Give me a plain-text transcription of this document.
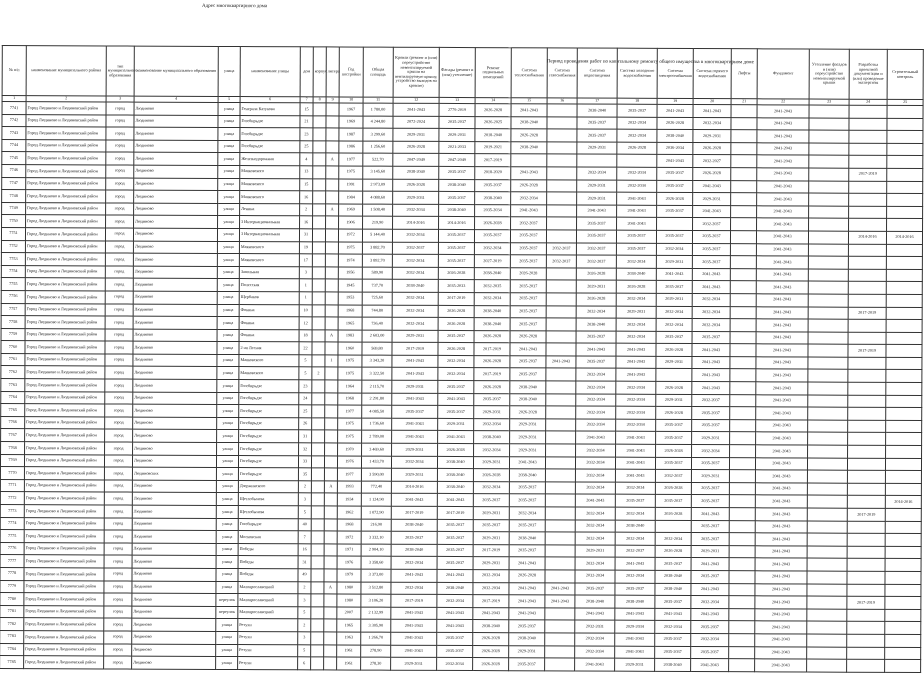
Адрес многоквартирного дома
Период проведения работ по капитальному ремонту общего имущества в многоквартирном доме
№ п/п	наименование муниципального района	тип муниципального образования	наименование муниципального образования	улица	наименование улицы	дом	корпус	литера	Год постройки	Общая площадь	Кровли (ремонт и (или) переустройство невентилируемой крыши на вентилируемую крышу, устройство выходов на кровлю)	Фасады (ремонт и (или) утепление)	Ремонт подвальных помещений	Система теплоснабжения	Система газоснабжения	Система водоотведения	Система холодного водоснабжения	Система электроснабжения	Система горячего водоснабжения	Лифты	Фундамент	Утепление фасадов и (или) переустройство невентилируемой крыши	Разработка проектной документации и (или) проведение экспертизы	Строительный контроль
1	2	3	4	5	6	7	8	9	10	11	12	13	14	15	16	17	18	19	20	21	22	23	24	25
7741	Город Людиново и Людиновский район	город	Людиново	улица	Генерала Катукова	15			1967	1 780,00	2041-2043	2779-2019	2026-2028	2041-2043		2038-2040	2035-2037	2041-2043	2041-2043		2041-2043			
7742	Город Людиново и Людиновский район	город	Людиново	улица	Гогебирьдзе	21			1969	4 244,80	2072-2024	2035-2037	2026-2025	2038-2040		2035-2037	2032-2034	2026-2028	2032-2034		2041-2043			
7743	Город Людиново и Людиновский район	город	Людиново	улица	Гогебирьдзе	23			1987	3 299,60	2029-2031	2029-2031	2018-2040	2026-2028		2035-2037	2032-2034	2038-2040	2029-2031		2041-2043			
7744	Город Людиново и Людиновский район	город	Людиново	улица	Гогебирьдзе	25			1986	1 256,60	2026-2028	2021-2033	2019-2021	2038-2040		2029-2031	2026-2028	2036-2034	2026-2028		2041-2043			
7745	Город Людиново и Людиновский район	город	Людиново	улица	Железнодорожная	4		А	1977	522,70	2047-2049	2047-2049	2017-2019					2041-2043	2032-2027		2041-2043			
7746	Город Людиново и Людиновский район	город	Людиново	улица	Маяковского	13			1975	3 145,60	2038-2040	2035-2037	2018-2020	2041-2043		2032-2034	2032-2034	2035-2037	2026-2028		2041-2043		2017-2019	
7747	Город Людиново и Людиновский район	город	Людиново	улица	Маяковского	15			1991	2 973,09	2026-2028	2038-2040	2035-2037	2026-2028		2029-2031	2032-2034	2035-2037	2041-2043		2041-2043			
7748	Город Людиново и Людиновский район	город	Людиново	улица	Маяковского	16			1984	4 088,60	2029-2031	2035-2037	2038-2040	2032-2034		2029-2031	2041-2043	2026-2028	2029-2031		2041-2043			
7749	Город Людиново и Людиновский район	город	Людиново	улица	Ленина	2		А	1969	1 508,40	2032-2034	2038-2040	2035-2034	2041-2043		2041-2043	2041-2043	2035-2037	2041-2043		2041-2043			
7750	Город Людиново и Людиновский район	город	Людиново	улица	3 Интернациональная	16			1906	219,90	2014-2016	2014-2016	2026-2028	2032-2037		2035-2037	2041-2043		2032-2037		2041-2043			
7751	Город Людиново и Людиновский район	город	Людиново	улица	3 Интернациональная	31			1972	5 144,40	2032-2034	2035-2037	2035-2037	2035-2037		2035-2037	2035-2037	2035-2037	2035-2037		2041-2043		2014-2016	2014-2016
7752	Город Людиново и Людиновский район	город	Людиново	улица	Маяковского	19			1975	3 882,70	2032-2037	2035-2037	2032-2034	2035-2037	2032-2037	2032-2037	2035-2037	2032-2034	2035-2037		2041-2043			
7753	Город Людиново и Людиновский район	город	Людиново	улица	Маяковского	17			1974	3 892,70	2032-2034	2035-2037	2027-2019	2035-2037	2032-2037	2032-2037	2032-2034	2029-2031	2035-2037		2041-2043			
7754	Город Людиново и Людиновский район	город	Людиново	улица	Запольная	3			1956	589,90	2032-2034	2026-2028	2038-2040	2026-2028		2026-2028	2038-2040	2041-2043	2041-2043		2041-2043			
7755	Город Людиново и Людиновский район	город	Людиново	улица	Полесская	1			1945	737,70	2038-2040	2035-2033	2032-2035	2035-2037		2029-2031	2026-2028	2035-2037	2041-2043		2041-2043			
7756	Город Людиново и Людиновский район	город	Людиново	улица	Щербаков	1			1953	725,60	2032-2034	2017-2019	2032-2034	2035-2037		2026-2028	2032-2034	2029-2031	2032-2034		2041-2043			
7757	Город Людиново и Людиновский район	город	Людиново	улица	Фокина	10			1968	744,80	2032-2034	2026-2028	2038-2040	2035-2037		2032-2034	2029-2031	2032-2034	2032-2034		2041-2043		2017-2019	
7758	Город Людиново и Людиновский район	город	Людиново	улица	Фокина	12			1965	736,40	2032-2034	2026-2028	2038-2040	2035-2037		2038-2040	2032-2034	2032-2034	2032-2034		2041-2043			
7759	Город Людиново и Людиновский район	город	Людиново	улица	Фокина	18		А	1983	2 603,00	2029-2031	2035-2037	2026-2028	2026-2028		2035-2037	2032-2034	2035-2037	2035-2037		2041-2043			
7760	Город Людиново и Людиновский район	город	Людиново	улица	2-ая Лесная	22			1960	569,80	2017-2019	2026-2028	2017-2019	2041-2043		2041-2043	2041-2043	2026-2028	2041-2043		2041-2043		2017-2019	
7761	Город Людиново и Людиновский район	город	Людиново	улица	Маяковского	5		1	1975	3 343,20	2041-2043	2032-2034	2026-2028	2035-2037	2041-2043	2035-2037	2041-2043	2029-2031	2041-2043		2041-2043			
7762	Город Людиново и Людиновский район	город	Людиново	улица	Маяковского	5	2		1975	3 322,50	2041-2043	2032-2034	2017-2019	2035-2037		2032-2034	2041-2043		2041-2043		2041-2043			
7763	Город Людиново и Людиновский район	город	Людиново	улица	Гогебирьдзе	23			1964	2 115,70	2029-2031	2035-2037	2026-2028	2038-2040		2032-2034	2032-2034	2026-2028	2041-2043		2041-2043			
7764	Город Людиново и Людиновский район	город	Людиново	улица	Гогебирьдзе	24			1968	2 291,80	2041-2043	2041-2043	2035-2037	2038-2040		2032-2034	2032-2034	2029-2031	2032-2037		2041-2043			
7765	Город Людиново и Людиновский район	город	Людиново	улица	Гогебирьдзе	25			1977	4 085,50	2035-2037	2035-2037	2029-2031	2026-2028		2032-2034	2032-2034	2026-2028	2035-2037		2041-2043			
7766	Город Людиново и Людиновский район	город	Людиново	улица	Гогебирьдзе	26			1975	1 736,60	2041-2043	2029-2031	2032-2034	2029-2031		2032-2034	2032-2034	2035-2037	2035-2037		2041-2043			
7767	Город Людиново и Людиновский район	город	Людиново	улица	Гогебирьдзе	31			1975	2 789,00	2041-2043	2041-2043	2038-2040	2029-2031		2041-2043	2041-2043	2035-2037	2029-2031		2041-2043			
7768	Город Людиново и Людиновский район	город	Людиново	улица	Гогебирьдзе	32			1970	3 469,60	2029-2031	2026-2028	2032-2034	2029-2031		2032-2034	2041-2043	2026-2028	2032-2034		2041-2043			
7769	Город Людиново и Людиновский район	город	Людиново	улица	Гогебирьдзе	33			1976	1 433,70	2032-2034	2038-2040	2029-2031	2041-2043		2032-2034	2041-2043	2035-2037	2035-2037		2041-2043			
7770	Город Людиново и Людиновский район	город	Людиновских	улица	Гогебирьдзе	35			1977	3 590,00	2029-2031	2038-2040	2026-2028	2038-2040		2032-2034	2041-2043	2032-2037	2029-2031		2041-2043			
7771	Город Людиново и Людиновский район	город	Людиново	улица	Дзержинского	2		А	1993	772,40	2014-2016	2038-2040	2032-2034	2035-2037		2032-2034	2032-2034	2026-2028	2035-2037		2041-2043			
7772	Город Людиново и Людиновский район	город	Людиново	улица	Щеглобычева	3			1934	1 124,90	2041-2043	2041-2043	2035-2037	2035-2037		2041-2043	2035-2037	2035-2037	2035-2037		2041-2043			2014-2016
7773	Город Людиново и Людиновский район	город	Людиново	улица	Щеглобычева	5			1962	1 072,90	2017-2019	2017-2019	2029-2031	2032-2034		2032-2034	2032-2034	2026-2028	2041-2043		2041-2043		2017-2019	
7774	Город Людиново и Людиновский район	город	Людиново	улица	Гогебирьдзе	40			1968	216,90	2038-2040	2035-2037	2035-2037	2035-2037		2032-2034	2038-2040		2035-2037		2041-2043			
7775	Город Людиново и Людиновский район	город	Людиново	улица	Московская	7			1972	3 332,10	2035-2037	2035-2037	2029-2031	2038-2040		2032-2034	2032-2034	2032-2034	2035-2037		2041-2043			
7776	Город Людиново и Людиновский район	город	Людиново	улица	Победы	16			1971	2 904,10	2038-2040	2035-2037	2017-2019	2035-2037		2029-2031	2032-2037	2026-2028	2029-2031		2041-2043			
7777	Город Людиново и Людиновский район	город	Людиново	улица	Победы	31			1976	3 358,60	2032-2034	2035-2037	2029-2031	2041-2043		2032-2034	2041-2043	2035-2037	2041-2043		2041-2043			
7778	Город Людиново и Людиновский район	город	Людиново	улица	Победы	49			1979	3 373,00	2041-2043	2041-2043	2032-2034	2026-2028		2032-2034	2032-2034	2038-2040	2035-2037		2041-2043			
7779	Город Людиново и Людиновский район	город	Людиново	улица	Малоярославецкий	2		А	1980	3 512,80	2032-2034	2038-2040	2032-2034	2041-2043	2041-2043	2035-2037	2035-2037	2038-2040	2041-2043		2041-2043			
7780	Город Людиново и Людиновский район	город	Людиново	переулок	Малоярославецкий	3			1980	3 106,20	2017-2019	2032-2034	2017-2019	2041-2043	2041-2043	2038-2040	2038-2040	2035-2037	2032-2034		2041-2043		2017-2019	
7781	Город Людиново и Людиновский район	город	Людиново	переулок	Малоярославецкий	5			2007	2 132,99	2041-2043	2041-2043	2041-2043	2041-2043		2041-2043	2041-2043	2041-2043	2041-2043		2041-2043			
7782	Город Людиново и Людиновский район	город	Людиново	улица	Ретухи	2			1965	3 305,90	2041-2043	2041-2043	2038-2040	2035-2037		2032-2031	2029-2034	2032-2034	2035-2037		2041-2043			
7783	Город Людиново и Людиновский район	город	Людиново	улица	Ретухи	3			1963	1 266,70	2041-2043	2035-2037	2026-2028	2038-2040		2032-2034	2041-2043	2035-2037	2032-2034		2041-2043			
7784	Город Людиново и Людиновский район	город	Людиново	улица	Ретухи	5			1961	278,90	2041-2043	2035-2037	2026-2028	2029-2031		2032-2034	2041-2043	2035-2037	2035-2037		2041-2043			
7785	Город Людиново и Людиновский район	город	Людиново	улица	Ретухи	6			1961	278,30	2029-2031	2032-2034	2026-2028	2035-2037		2041-2043	2029-2031	2038-2040	2041-2043		2041-2043			
